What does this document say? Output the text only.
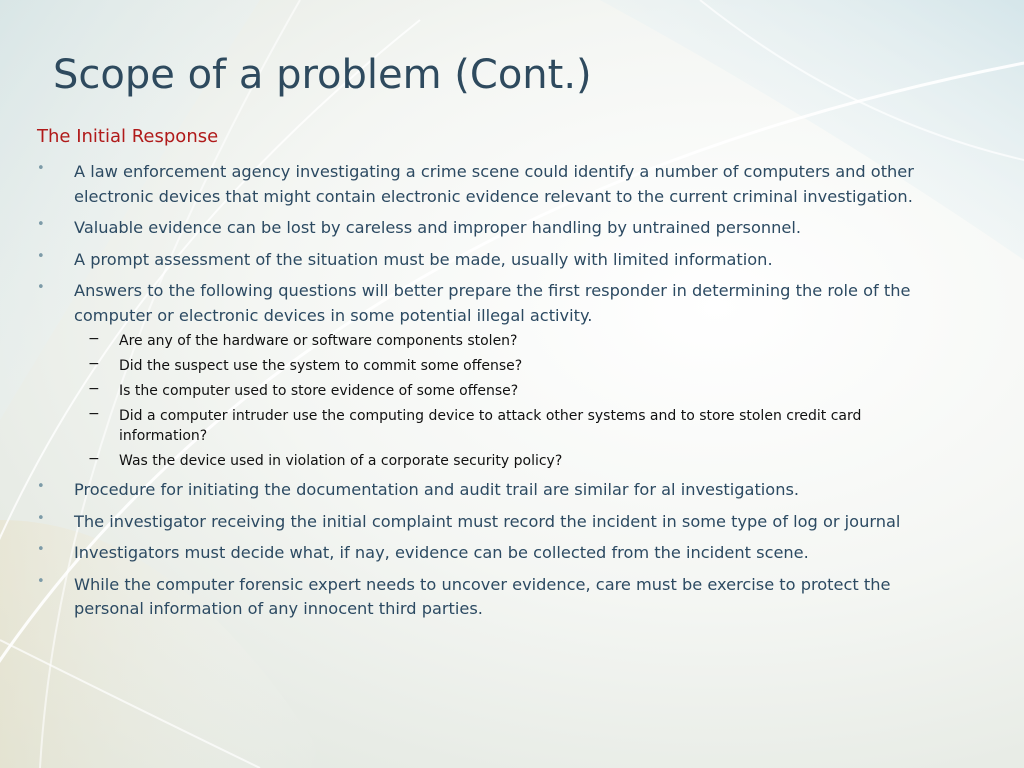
Scope of a problem (Cont.)
The Initial Response
• A law enforcement agency investigating a crime scene could identify a number of computers and other electronic devices that might contain electronic evidence relevant to the current criminal investigation.
• Valuable evidence can be lost by careless and improper handling by untrained personnel.
• A prompt assessment of the situation must be made, usually with limited information.
• Answers to the following questions will better prepare the first responder in determining the role of the computer or electronic devices in some potential illegal activity.
− Are any of the hardware or software components stolen?
− Did the suspect use the system to commit some offense?
− Is the computer used to store evidence of some offense?
− Did a computer intruder use the computing device to attack other systems and to store stolen credit card information?
− Was the device used in violation of a corporate security policy?
• Procedure for initiating the documentation and audit trail are similar for al investigations.
• The investigator receiving the initial complaint must record the incident in some type of log or journal
• Investigators must decide what, if nay, evidence can be collected from the incident scene.
• While the computer forensic expert needs to uncover evidence, care must be exercise to protect the personal information of any innocent third parties.
